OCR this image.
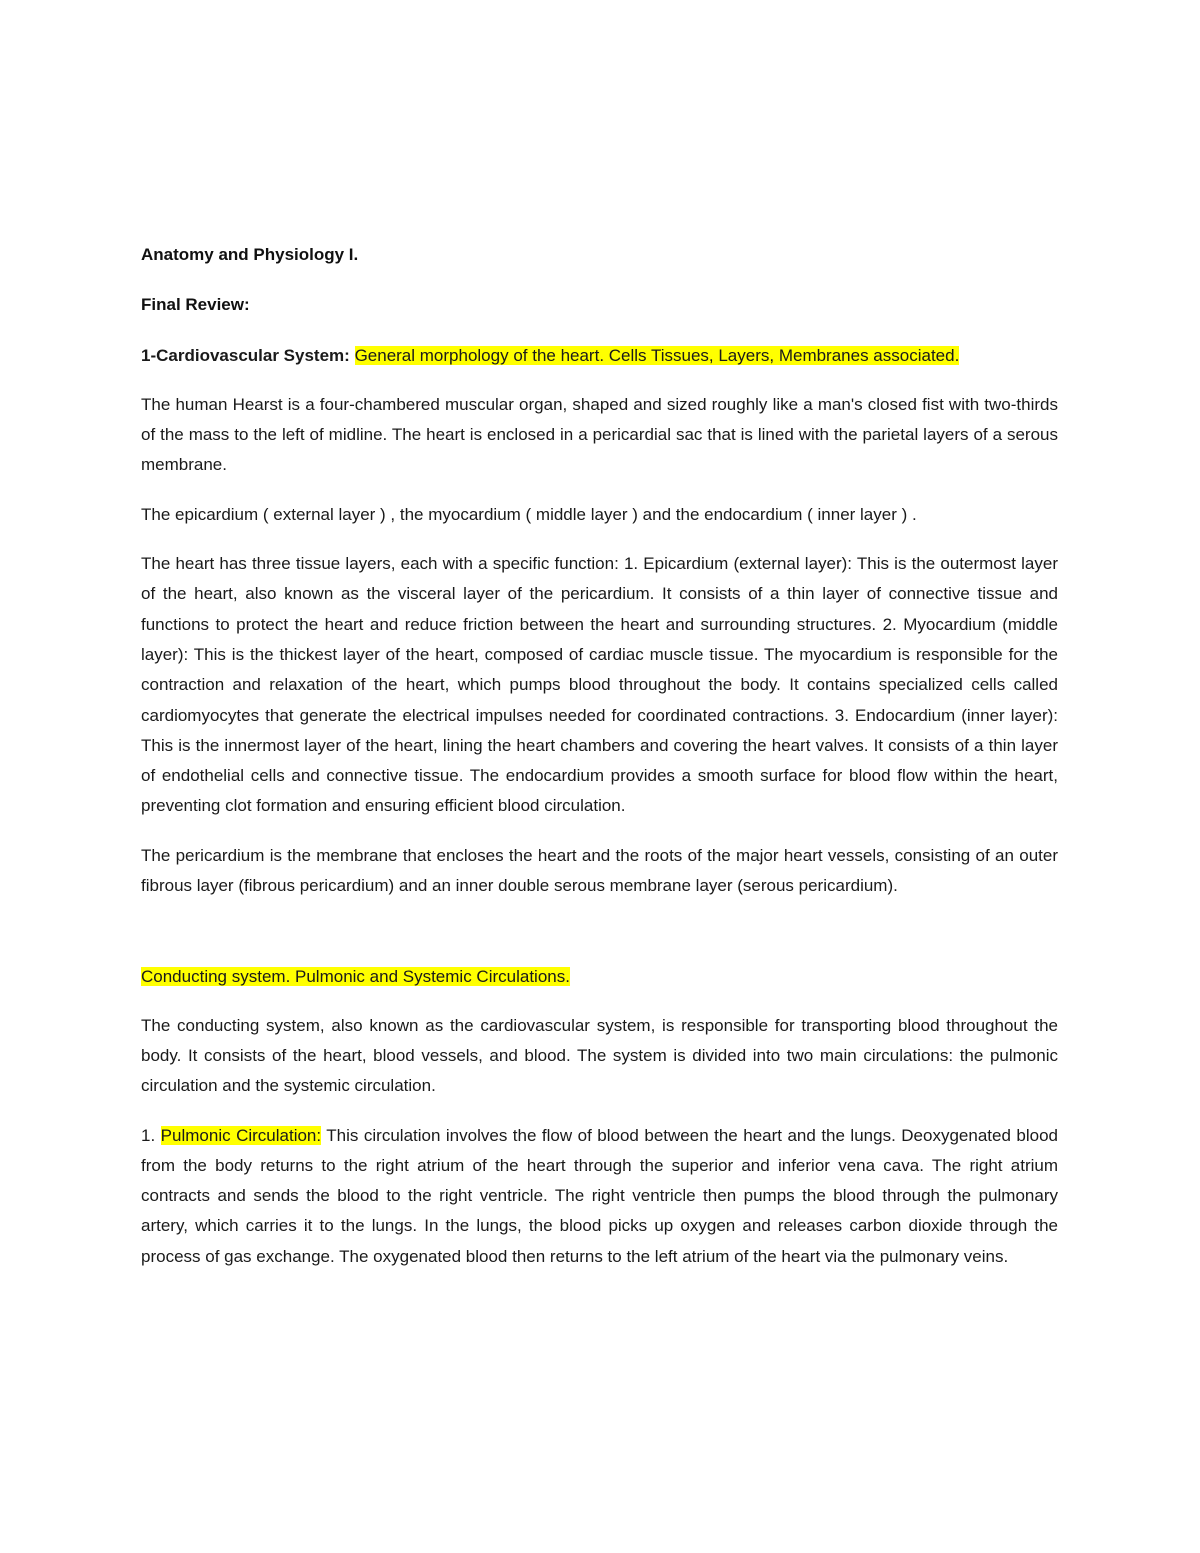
Anatomy and Physiology I.

Final Review:

1-Cardiovascular System: General morphology of the heart. Cells Tissues, Layers, Membranes associated.

The human Hearst is a four-chambered muscular organ, shaped and sized roughly like a man's closed fist with two-thirds of the mass to the left of midline. The heart is enclosed in a pericardial sac that is lined with the parietal layers of a serous membrane.

The epicardium ( external layer ) , the myocardium ( middle layer ) and the endocardium ( inner layer ) .

The heart has three tissue layers, each with a specific function: 1. Epicardium (external layer): This is the outermost layer of the heart, also known as the visceral layer of the pericardium. It consists of a thin layer of connective tissue and functions to protect the heart and reduce friction between the heart and surrounding structures. 2. Myocardium (middle layer): This is the thickest layer of the heart, composed of cardiac muscle tissue. The myocardium is responsible for the contraction and relaxation of the heart, which pumps blood throughout the body. It contains specialized cells called cardiomyocytes that generate the electrical impulses needed for coordinated contractions. 3. Endocardium (inner layer): This is the innermost layer of the heart, lining the heart chambers and covering the heart valves. It consists of a thin layer of endothelial cells and connective tissue. The endocardium provides a smooth surface for blood flow within the heart, preventing clot formation and ensuring efficient blood circulation.

The pericardium is the membrane that encloses the heart and the roots of the major heart vessels, consisting of an outer fibrous layer (fibrous pericardium) and an inner double serous membrane layer (serous pericardium).

Conducting system. Pulmonic and Systemic Circulations.

The conducting system, also known as the cardiovascular system, is responsible for transporting blood throughout the body. It consists of the heart, blood vessels, and blood. The system is divided into two main circulations: the pulmonic circulation and the systemic circulation.

1. Pulmonic Circulation: This circulation involves the flow of blood between the heart and the lungs. Deoxygenated blood from the body returns to the right atrium of the heart through the superior and inferior vena cava. The right atrium contracts and sends the blood to the right ventricle. The right ventricle then pumps the blood through the pulmonary artery, which carries it to the lungs. In the lungs, the blood picks up oxygen and releases carbon dioxide through the process of gas exchange. The oxygenated blood then returns to the left atrium of the heart via the pulmonary veins.
